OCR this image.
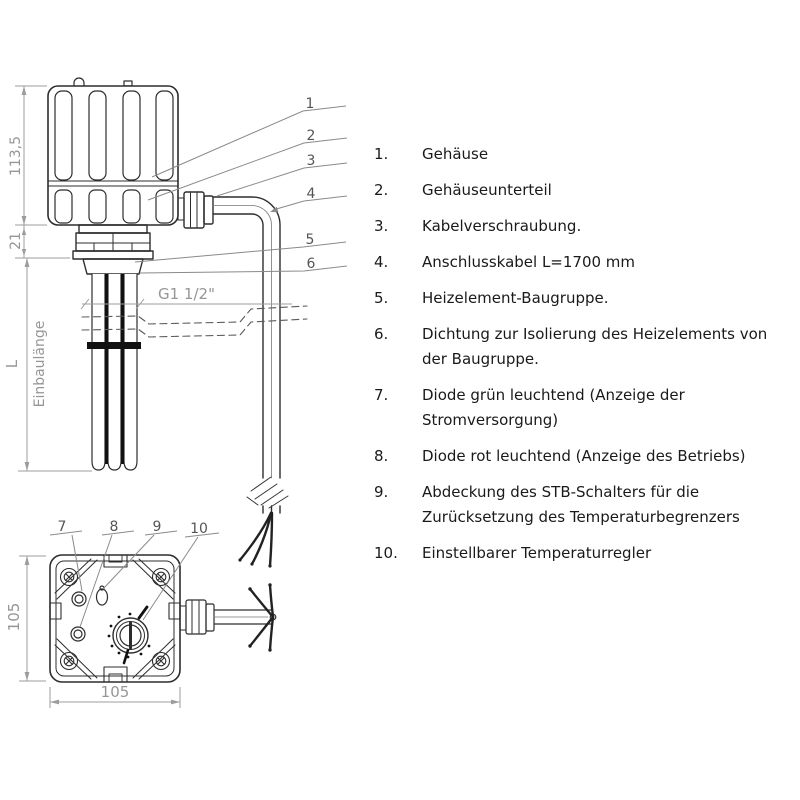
113,5
21
L Einbaulänge
G1 1/2"
105
105
1
2
3
4
5
6
7	8 9 10
1.	Gehäuse
2.	Gehäuseunterteil
3.	Kabelverschraubung.
4.	Anschlusskabel L=1700 mm
5.	Heizelement-Baugruppe.
6.	Dichtung zur Isolierung des Heizelements von der Baugruppe.
7.	Diode grün leuchtend (Anzeige der Stromversorgung)
8.	Diode rot leuchtend (Anzeige des Betriebs)
9.	Abdeckung des STB-Schalters für die Zurücksetzung des Temperaturbegrenzers
10.	Einstellbarer Temperaturregler
